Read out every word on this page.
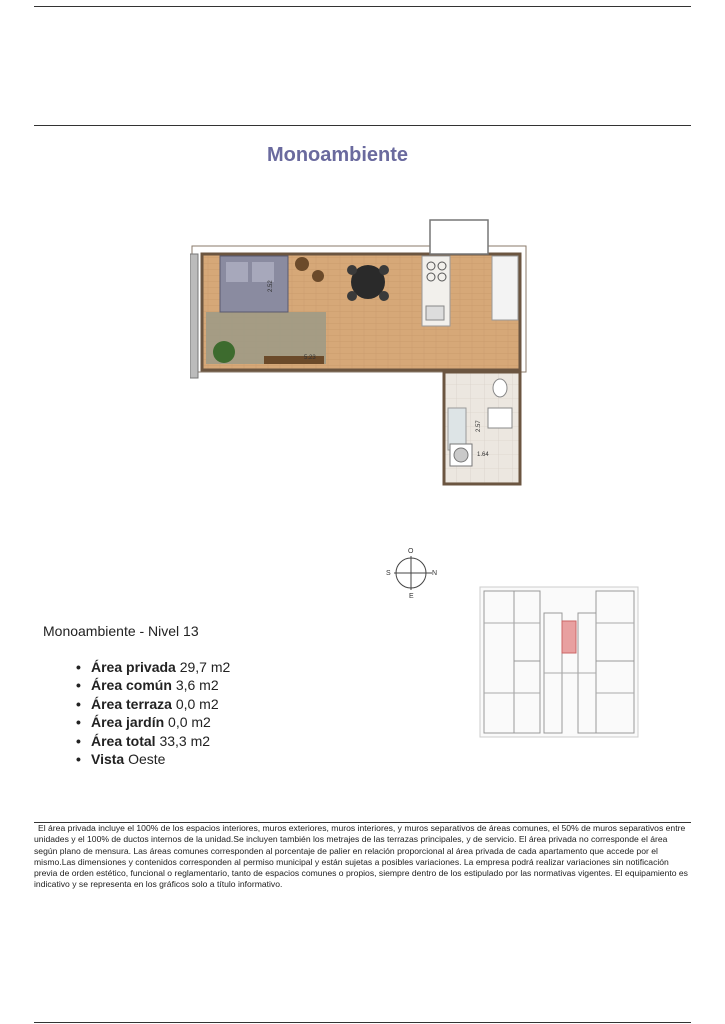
Monoambiente
2.52
5.23
2.57
1.64
O
N
S
E
Monoambiente - Nivel 13
• Área privada 29,7 m2
• Área común 3,6 m2
• Área terraza 0,0 m2
• Área jardín 0,0 m2
• Área total 33,3 m2
• Vista Oeste
El área privada incluye el 100% de los espacios interiores, muros exteriores, muros interiores, y muros separativos de áreas comunes, el 50% de muros separativos entre unidades y el 100% de ductos internos de la unidad.Se incluyen también los metrajes de las terrazas principales, y de servicio. El área privada no corresponde el área según plano de mensura. Las áreas comunes corresponden al porcentaje de palier en relación proporcional al área privada de cada apartamento que accede por el mismo.Las dimensiones y contenidos corresponden al permiso municipal y están sujetas a posibles variaciones. La empresa podrá realizar variaciones sin notificación previa de orden estético, funcional o reglamentario, tanto de espacios comunes o propios, siempre dentro de los estipulado por las normativas vigentes. El equipamiento es indicativo y se representa en los gráficos solo a título informativo.
